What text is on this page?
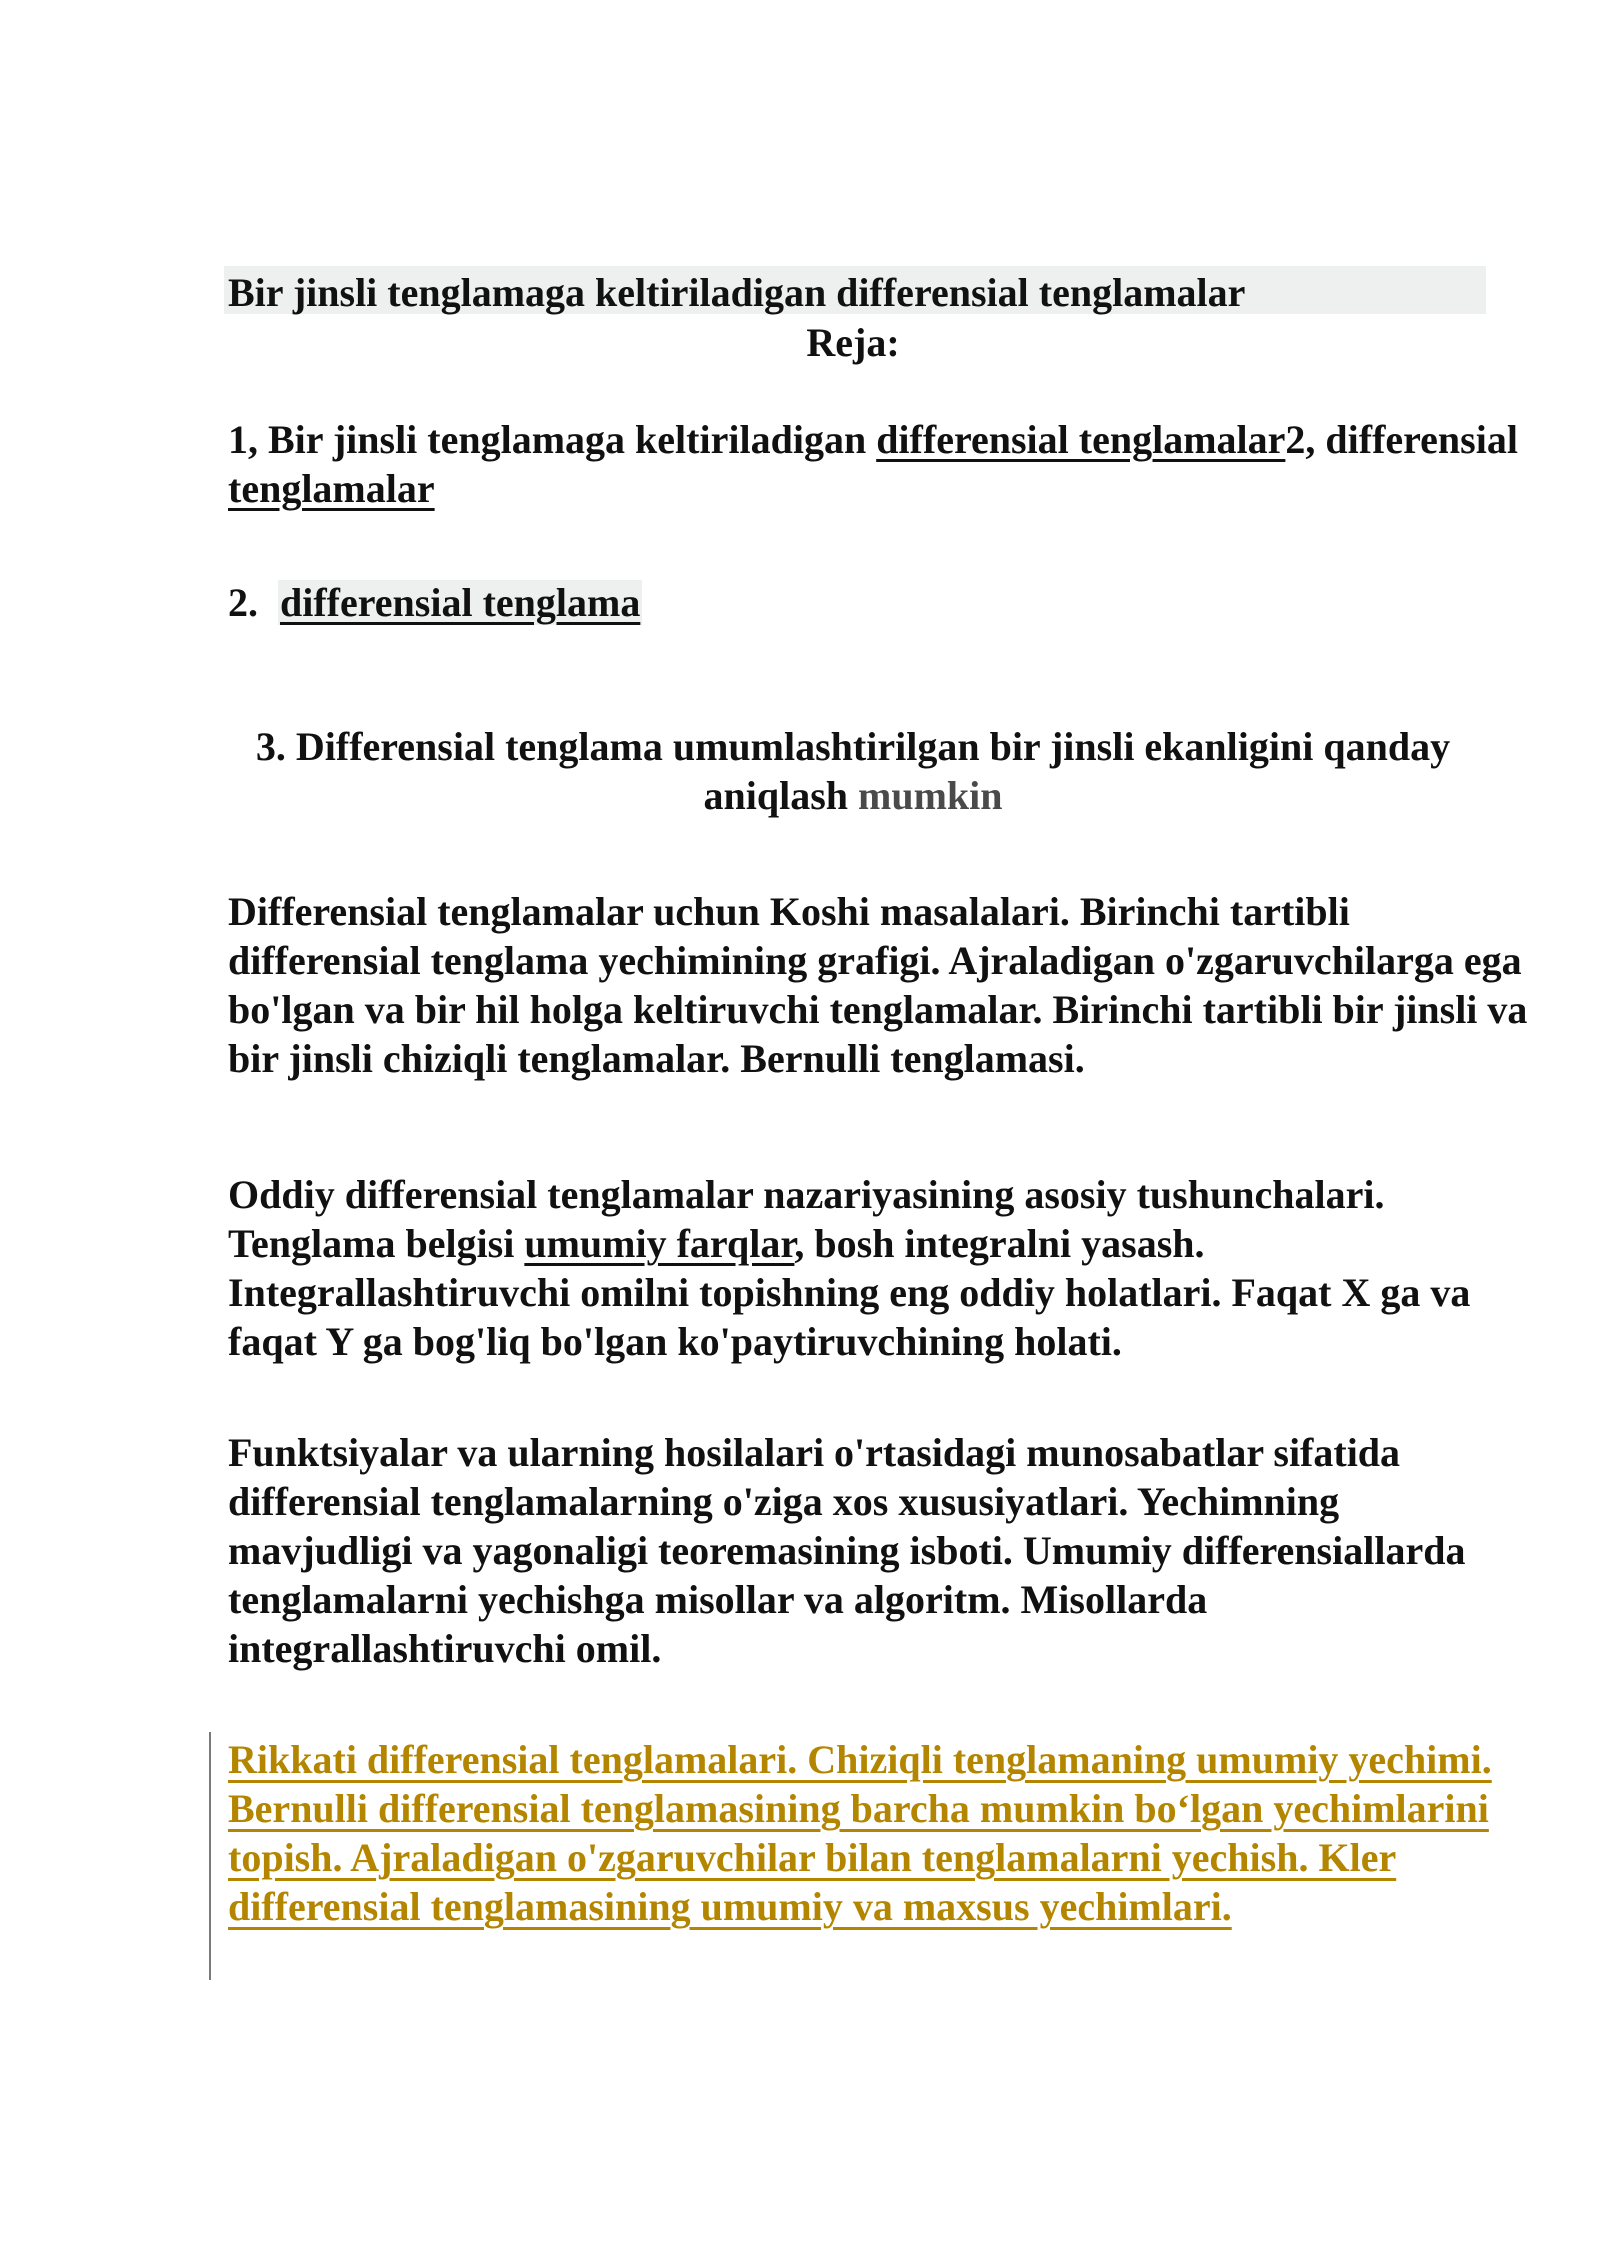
Bir jinsli tenglamaga keltiriladigan differensial tenglamalar

Reja:

1, Bir jinsli tenglamaga keltiriladigan differensial tenglamalar2, differensial tenglamalar

2. differensial tenglama

3. Differensial tenglama umumlashtirilgan bir jinsli ekanligini qanday aniqlash mumkin

Differensial tenglamalar uchun Koshi masalalari. Birinchi tartibli differensial tenglama yechimining grafigi. Ajraladigan o'zgaruvchilarga ega bo'lgan va bir hil holga keltiruvchi tenglamalar. Birinchi tartibli bir jinsli va bir jinsli chiziqli tenglamalar. Bernulli tenglamasi.

Oddiy differensial tenglamalar nazariyasining asosiy tushunchalari. Tenglama belgisi umumiy farqlar, bosh integralni yasash. Integrallashtiruvchi omilni topishning eng oddiy holatlari. Faqat X ga va faqat Y ga bog'liq bo'lgan ko'paytiruvchining holati.

Funktsiyalar va ularning hosilalari o'rtasidagi munosabatlar sifatida differensial tenglamalarning o'ziga xos xususiyatlari. Yechimning mavjudligi va yagonaligi teoremasining isboti. Umumiy differensiallarda tenglamalarni yechishga misollar va algoritm. Misollarda integrallashtiruvchi omil.

Rikkati differensial tenglamalari. Chiziqli tenglamaning umumiy yechimi. Bernulli differensial tenglamasining barcha mumkin bo‘lgan yechimlarini topish. Ajraladigan o'zgaruvchilar bilan tenglamalarni yechish. Kler differensial tenglamasining umumiy va maxsus yechimlari.
